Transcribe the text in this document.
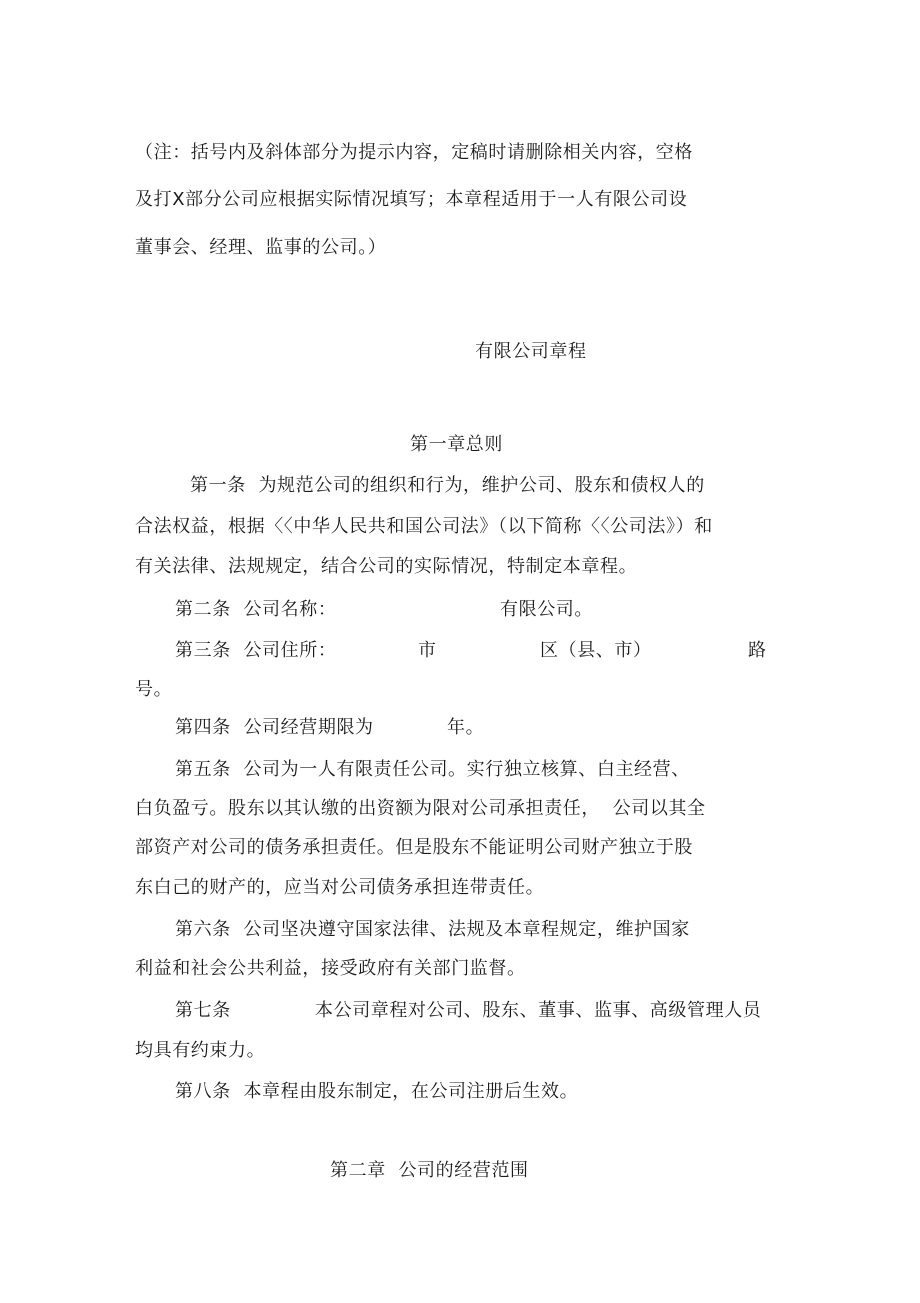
（注：括号内及斜体部分为提示内容，定稿时请删除相关内容，空格
及打X部分公司应根据实际情况填写；本章程适用于一人有限公司设
董事会、经理、监事的公司。）
有限公司章程
第一章总则
第一条  为规范公司的组织和行为，维护公司、股东和债权人的
合法权益，根据〈〈中华人民共和国公司法》（以下简称〈〈公司法》）和
有关法律、法规规定，结合公司的实际情况，特制定本章程。
第二条  公司名称：	有限公司。
第三条  公司住所：	市	区（县、市）	路
号。
第四条  公司经营期限为	年。
第五条  公司为一人有限责任公司。实行独立核算、白主经营、
白负盈亏。股东以其认缴的出资额为限对公司承担责任，  公司以其全
部资产对公司的债务承担责任。但是股东不能证明公司财产独立于股
东白己的财产的，应当对公司债务承担连带责任。
第六条  公司坚决遵守国家法律、法规及本章程规定，维护国家
利益和社会公共利益，接受政府有关部门监督。
第七条	本公司章程对公司、股东、董事、监事、高级管理人员
均具有约束力。
第八条  本章程由股东制定，在公司注册后生效。
第二章  公司的经营范围
